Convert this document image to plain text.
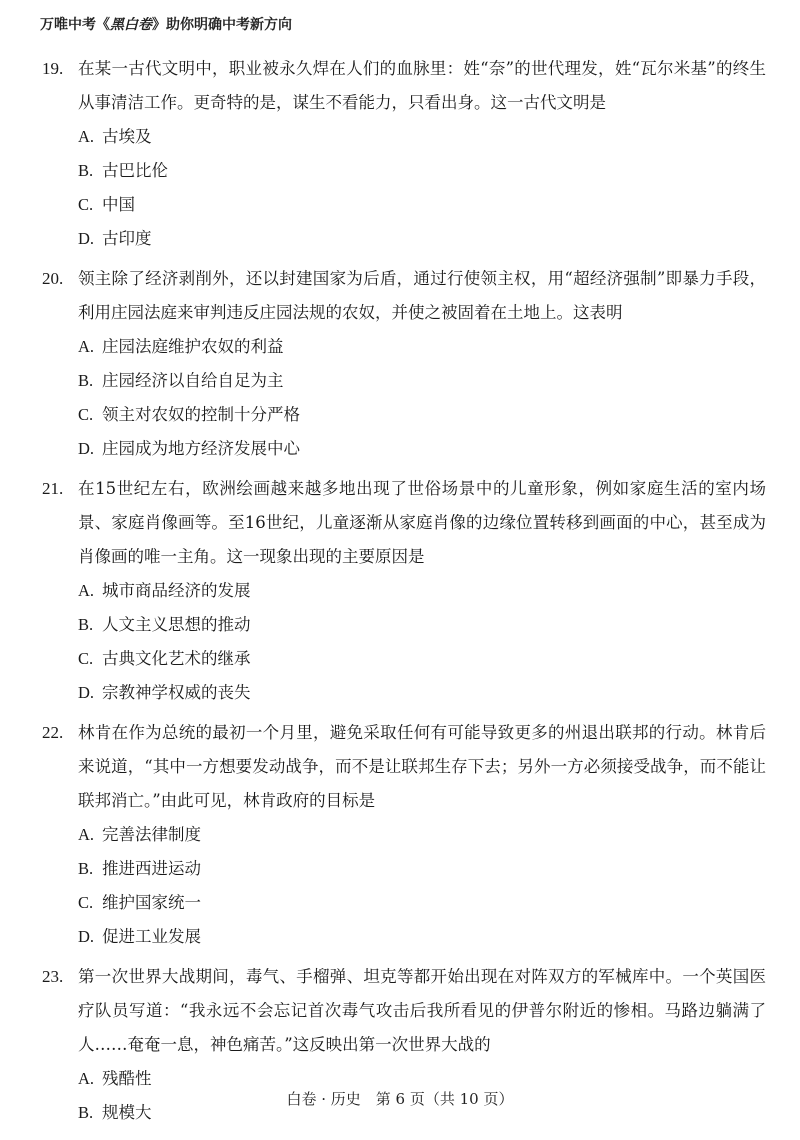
万唯中考《黑白卷》助你明确中考新方向
19. 在某一古代文明中，职业被永久焊在人们的血脉里：姓“奈”的世代理发，姓“瓦尔米基”的终生从事清洁工作。更奇特的是，谋生不看能力，只看出身。这一古代文明是
A. 古埃及
B. 古巴比伦
C. 中国
D. 古印度
20. 领主除了经济剥削外，还以封建国家为后盾，通过行使领主权，用“超经济强制”即暴力手段，利用庄园法庭来审判违反庄园法规的农奴，并使之被固着在土地上。这表明
A. 庄园法庭维护农奴的利益
B. 庄园经济以自给自足为主
C. 领主对农奴的控制十分严格
D. 庄园成为地方经济发展中心
21. 在15世纪左右，欧洲绘画越来越多地出现了世俗场景中的儿童形象，例如家庭生活的室内场景、家庭肖像画等。至16世纪，儿童逐渐从家庭肖像的边缘位置转移到画面的中心，甚至成为肖像画的唯一主角。这一现象出现的主要原因是
A. 城市商品经济的发展
B. 人文主义思想的推动
C. 古典文化艺术的继承
D. 宗教神学权威的丧失
22. 林肯在作为总统的最初一个月里，避免采取任何有可能导致更多的州退出联邦的行动。林肯后来说道，“其中一方想要发动战争，而不是让联邦生存下去；另外一方必须接受战争，而不能让联邦消亡。”由此可见，林肯政府的目标是
A. 完善法律制度
B. 推进西进运动
C. 维护国家统一
D. 促进工业发展
23. 第一次世界大战期间，毒气、手榴弹、坦克等都开始出现在对阵双方的军械库中。一个英国医疗队员写道：“我永远不会忘记首次毒气攻击后我所看见的伊普尔附近的惨相。马路边躺满了人……奄奄一息，神色痛苦。”这反映出第一次世界大战的
A. 残酷性
B. 规模大
白卷 · 历史　第 6 页（共 10 页）
